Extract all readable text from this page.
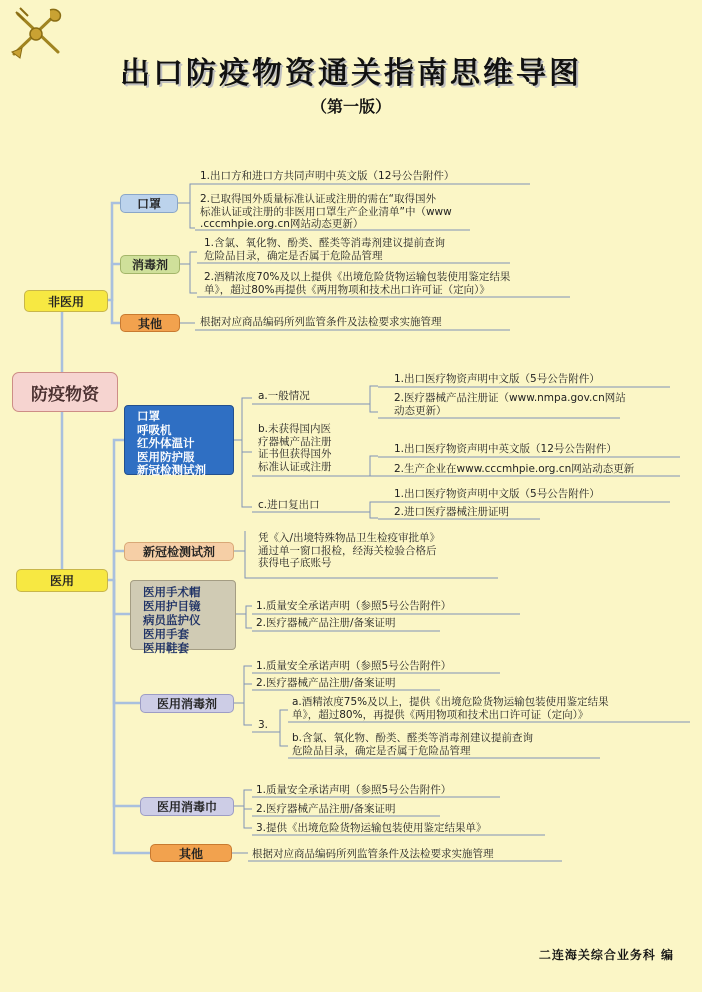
出口防疫物资通关指南思维导图
（第一版）
防疫物资
非医用
医用
口罩
1.出口方和进口方共同声明中英文版（12号公告附件）
2.已取得国外质量标准认证或注册的需在“取得国外
标准认证或注册的非医用口罩生产企业清单”中（www
.cccmhpie.org.cn网站动态更新）
消毒剂
1.含氯、氧化物、酚类、醛类等消毒剂建议提前查询
危险品目录，确定是否属于危险品管理
2.酒精浓度70%及以上提供《出境危险货物运输包装使用鉴定结果
单》，超过80%再提供《两用物项和技术出口许可证（定向）》
其他	根据对应商品编码所列监管条件及法检要求实施管理
口罩
呼吸机
红外体温计
医用防护服
新冠检测试剂
a.一般情况
1.出口医疗物资声明中文版（5号公告附件）
2.医疗器械产品注册证（www.nmpa.gov.cn网站
动态更新）
b.未获得国内医
疗器械产品注册
证书但获得国外
标准认证或注册
1.出口医疗物资声明中英文版（12号公告附件）
2.生产企业在www.cccmhpie.org.cn网站动态更新
c.进口复出口
1.出口医疗物资声明中文版（5号公告附件）
2.进口医疗器械注册证明
新冠检测试剂
凭《入/出境特殊物品卫生检疫审批单》
通过单一窗口报检，经海关检验合格后
获得电子底账号
医用手术帽
医用护目镜
病员监护仪
医用手套
医用鞋套
1.质量安全承诺声明（参照5号公告附件）
2.医疗器械产品注册/备案证明
医用消毒剂
1.质量安全承诺声明（参照5号公告附件）
2.医疗器械产品注册/备案证明
3.
a.酒精浓度75%及以上，提供《出境危险货物运输包装使用鉴定结果
单》，超过80%，再提供《两用物项和技术出口许可证（定向）》
b.含氯、氧化物、酚类、醛类等消毒剂建议提前查询
危险品目录，确定是否属于危险品管理
医用消毒巾
1.质量安全承诺声明（参照5号公告附件）
2.医疗器械产品注册/备案证明
3.提供《出境危险货物运输包装使用鉴定结果单》
其他	根据对应商品编码所列监管条件及法检要求实施管理
二连海关综合业务科 编
